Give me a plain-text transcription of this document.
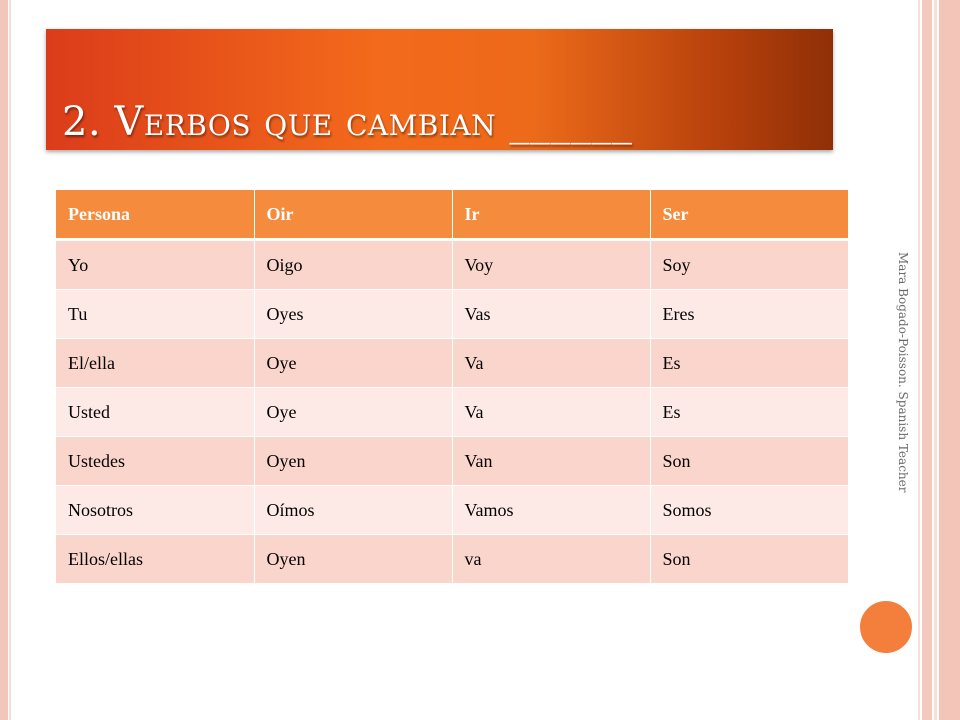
2. Verbos que cambian ______
Persona	Oir	Ir	Ser
Yo	Oigo	Voy	Soy
Tu	Oyes	Vas	Eres
El/ella	Oye	Va	Es
Usted	Oye	Va	Es
Ustedes	Oyen	Van	Son
Nosotros	Oímos	Vamos	Somos
Ellos/ellas	Oyen	va	Son
Mara Bogado-Poisson. Spanish Teacher
